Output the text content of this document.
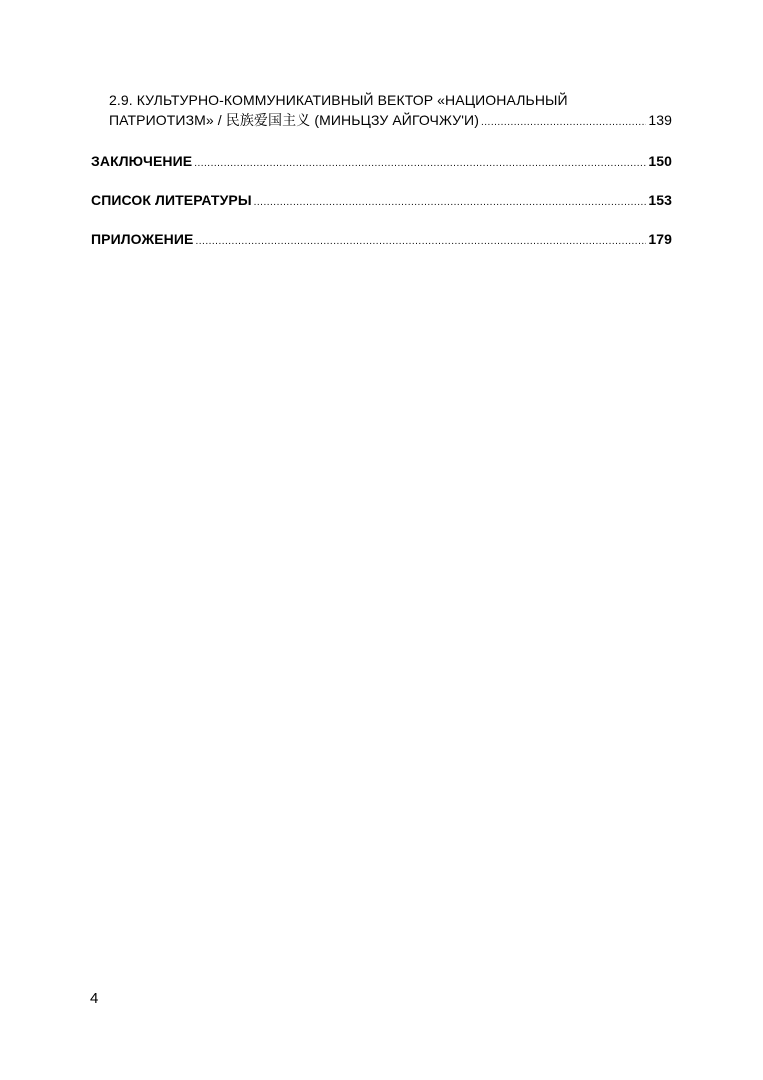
2.9. КУЛЬТУРНО-КОММУНИКАТИВНЫЙ ВЕКТОР «НАЦИОНАЛЬНЫЙ
ПАТРИОТИЗМ» / 民族爱国主义 (МИНЬЦЗУ АЙГОЧЖУ'И) .....	139
ЗАКЛЮЧЕНИЕ .....	150
СПИСОК ЛИТЕРАТУРЫ .....	153
ПРИЛОЖЕНИЕ .....	179
4
